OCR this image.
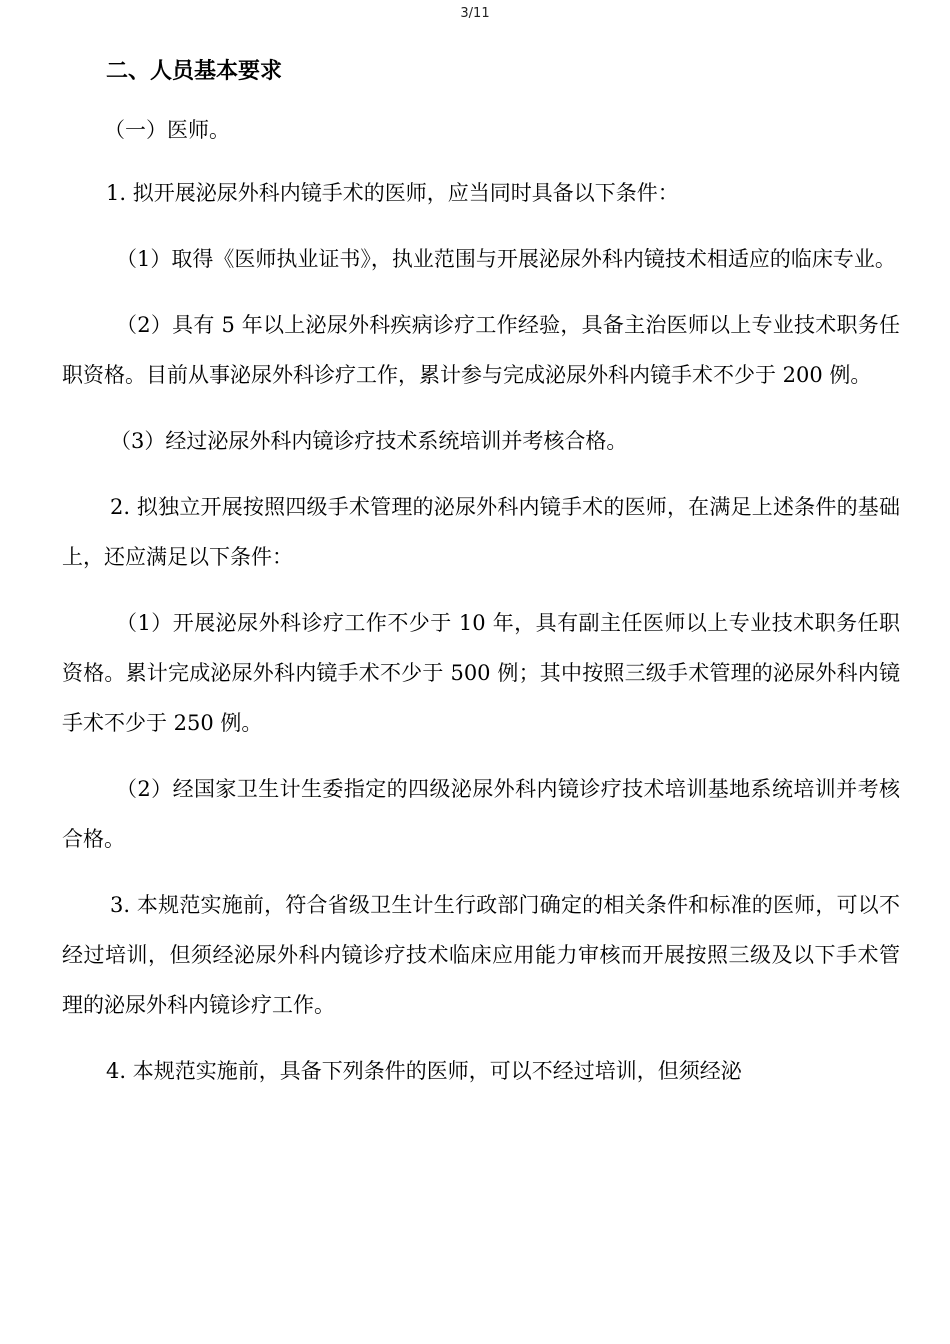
3/11
二、人员基本要求

（一）医师。

1. 拟开展泌尿外科内镜手术的医师，应当同时具备以下条件：

（1）取得《医师执业证书》，执业范围与开展泌尿外科内镜技术相适应的临床专业。

（2）具有 5 年以上泌尿外科疾病诊疗工作经验，具备主治医师以上专业技术职务任职资格。目前从事泌尿外科诊疗工作，累计参与完成泌尿外科内镜手术不少于 200 例。

（3）经过泌尿外科内镜诊疗技术系统培训并考核合格。

2. 拟独立开展按照四级手术管理的泌尿外科内镜手术的医师，在满足上述条件的基础上，还应满足以下条件：

（1）开展泌尿外科诊疗工作不少于 10 年，具有副主任医师以上专业技术职务任职资格。累计完成泌尿外科内镜手术不少于 500 例；其中按照三级手术管理的泌尿外科内镜手术不少于 250 例。

（2）经国家卫生计生委指定的四级泌尿外科内镜诊疗技术培训基地系统培训并考核合格。

3. 本规范实施前，符合省级卫生计生行政部门确定的相关条件和标准的医师，可以不经过培训，但须经泌尿外科内镜诊疗技术临床应用能力审核而开展按照三级及以下手术管理的泌尿外科内镜诊疗工作。

4. 本规范实施前，具备下列条件的医师，可以不经过培训，但须经泌
